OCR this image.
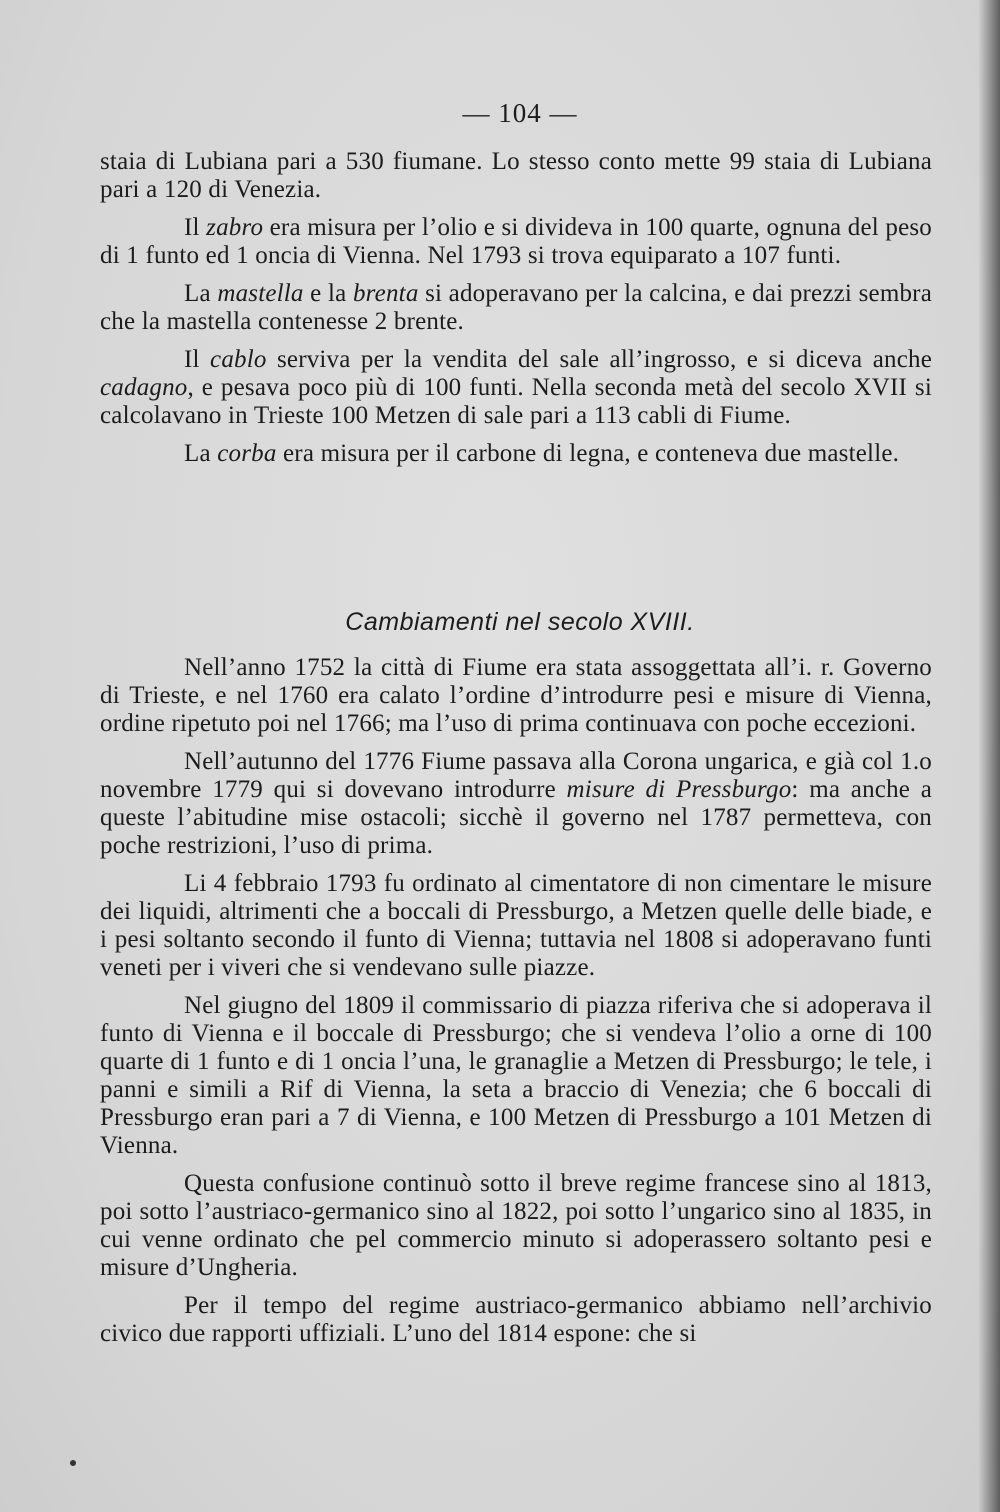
— 104 —

staia di Lubiana pari a 530 fiumane. Lo stesso conto mette 99 staia di Lubiana pari a 120 di Venezia.

Il zabro era misura per l’olio e si divideva in 100 quarte, ognuna del peso di 1 funto ed 1 oncia di Vienna. Nel 1793 si trova equiparato a 107 funti.

La mastella e la brenta si adoperavano per la calcina, e dai prezzi sembra che la mastella contenesse 2 brente.

Il cablo serviva per la vendita del sale all’ingrosso, e si diceva anche cadagno, e pesava poco più di 100 funti. Nella seconda metà del secolo XVII si calcolavano in Trieste 100 Metzen di sale pari a 113 cabli di Fiume.

La corba era misura per il carbone di legna, e conteneva due mastelle.

Cambiamenti nel secolo XVIII.

Nell’anno 1752 la città di Fiume era stata assoggettata all’i. r. Governo di Trieste, e nel 1760 era calato l’ordine d’introdurre pesi e misure di Vienna, ordine ripetuto poi nel 1766; ma l’uso di prima continuava con poche eccezioni.

Nell’autunno del 1776 Fiume passava alla Corona ungarica, e già col 1.o novembre 1779 qui si dovevano introdurre misure di Pressburgo: ma anche a queste l’abitudine mise ostacoli; sicchè il governo nel 1787 permetteva, con poche restrizioni, l’uso di prima.

Li 4 febbraio 1793 fu ordinato al cimentatore di non cimentare le misure dei liquidi, altrimenti che a boccali di Pressburgo, a Metzen quelle delle biade, e i pesi soltanto secondo il funto di Vienna; tuttavia nel 1808 si adoperavano funti veneti per i viveri che si vendevano sulle piazze.

Nel giugno del 1809 il commissario di piazza riferiva che si adoperava il funto di Vienna e il boccale di Pressburgo; che si vendeva l’olio a orne di 100 quarte di 1 funto e di 1 oncia l’una, le granaglie a Metzen di Pressburgo; le tele, i panni e simili a Rif di Vienna, la seta a braccio di Venezia; che 6 boccali di Pressburgo eran pari a 7 di Vienna, e 100 Metzen di Pressburgo a 101 Metzen di Vienna.

Questa confusione continuò sotto il breve regime francese sino al 1813, poi sotto l’austriaco-germanico sino al 1822, poi sotto l’ungarico sino al 1835, in cui venne ordinato che pel commercio minuto si adoperassero soltanto pesi e misure d’Ungheria.

Per il tempo del regime austriaco-germanico abbiamo nell’archivio civico due rapporti uffiziali. L’uno del 1814 espone: che si
